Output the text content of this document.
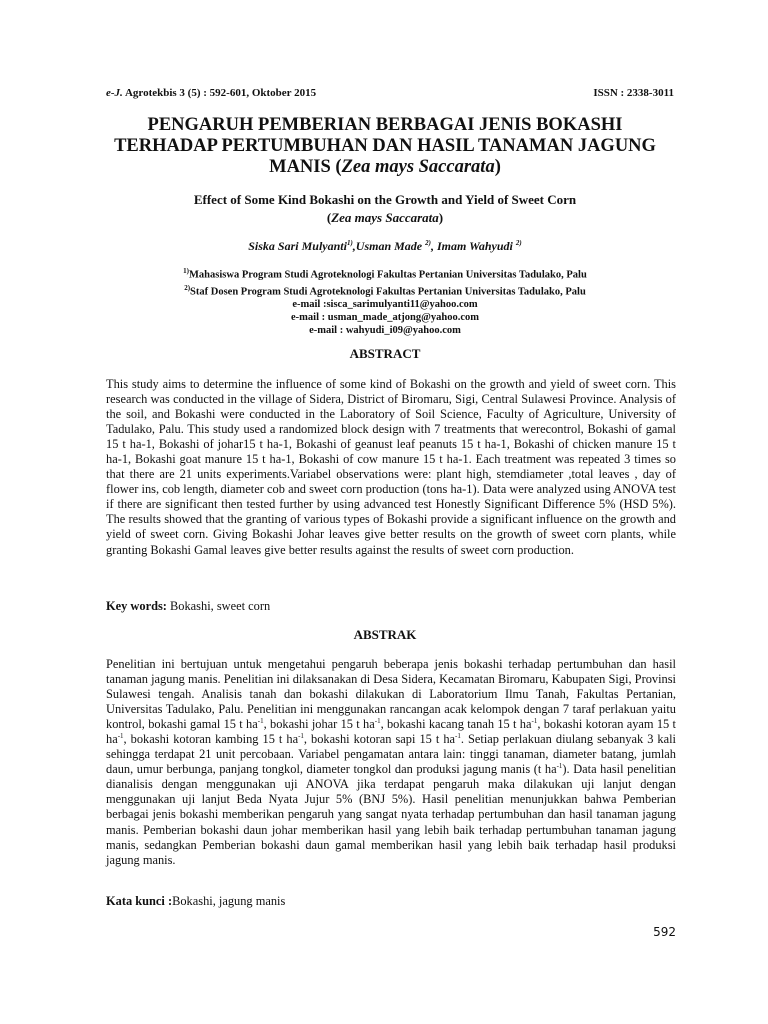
e-J. Agrotekbis 3 (5) : 592-601, Oktober 2015	ISSN : 2338-3011
PENGARUH PEMBERIAN BERBAGAI JENIS BOKASHI
TERHADAP PERTUMBUHAN DAN HASIL TANAMAN JAGUNG
MANIS (Zea mays Saccarata)
Effect of Some Kind Bokashi on the Growth and Yield of Sweet Corn
(Zea mays Saccarata)
Siska Sari Mulyanti$^{1)}$,Usman Made $^{2)}$, Imam Wahyudi $^{2)}$
$^{1)}$Mahasiswa Program Studi Agroteknologi Fakultas Pertanian Universitas Tadulako, Palu
$^{2)}$Staf Dosen Program Studi Agroteknologi Fakultas Pertanian Universitas Tadulako, Palu
e-mail :sisca_sarimulyanti11@yahoo.com
e-mail : usman_made_atjong@yahoo.com
e-mail : wahyudi_i09@yahoo.com
ABSTRACT
This study aims to determine the influence of some kind of Bokashi on the growth and yield of sweet corn. This research was conducted in the village of Sidera, District of Biromaru, Sigi, Central Sulawesi Province. Analysis of the soil, and Bokashi were conducted in the Laboratory of Soil Science, Faculty of Agriculture, University of Tadulako, Palu. This study used a randomized block design with 7 treatments that werecontrol, Bokashi of gamal 15 t ha-1, Bokashi of johar15 t ha-1, Bokashi of geanust leaf peanuts 15 t ha-1, Bokashi of chicken manure 15 t ha-1, Bokashi goat manure 15 t ha-1, Bokashi of cow manure 15 t ha-1. Each treatment was repeated 3 times so that there are 21 units experiments.Variabel observations were: plant high, stemdiameter ,total leaves , day of flower ins, cob length, diameter cob and sweet corn production (tons ha-1). Data were analyzed using ANOVA test if there are significant then tested further by using advanced test Honestly Significant Difference 5% (HSD 5%). The results showed that the granting of various types of Bokashi provide a significant influence on the growth and yield of sweet corn. Giving Bokashi Johar leaves give better results on the growth of sweet corn plants, while granting Bokashi Gamal leaves give better results against the results of sweet corn production.
Key words: Bokashi, sweet corn
ABSTRAK
Penelitian ini bertujuan untuk mengetahui pengaruh beberapa jenis bokashi terhadap pertumbuhan dan hasil tanaman jagung manis. Penelitian ini dilaksanakan di Desa Sidera, Kecamatan Biromaru, Kabupaten Sigi, Provinsi Sulawesi tengah. Analisis tanah dan bokashi dilakukan di Laboratorium Ilmu Tanah, Fakultas Pertanian, Universitas Tadulako, Palu. Penelitian ini menggunakan rancangan acak kelompok dengan 7 taraf perlakuan yaitu kontrol, bokashi gamal 15 t $ha^{-1}$, bokashi johar 15 t $ha^{-1}$, bokashi kacang tanah 15 t $ha^{-1}$, bokashi kotoran ayam 15 t $ha^{-1}$, bokashi kotoran kambing 15 t $ha^{-1}$, bokashi kotoran sapi 15 t $ha^{-1}$. Setiap perlakuan diulang sebanyak 3 kali sehingga terdapat 21 unit percobaan. Variabel pengamatan antara lain: tinggi tanaman, diameter batang, jumlah daun, umur berbunga, panjang tongkol, diameter tongkol dan produksi jagung manis (t $ha^{-1}$). Data hasil penelitian dianalisis dengan menggunakan uji ANOVA jika terdapat pengaruh maka dilakukan uji lanjut dengan menggunakan uji lanjut Beda Nyata Jujur 5% (BNJ 5%). Hasil penelitian menunjukkan bahwa Pemberian berbagai jenis bokashi memberikan pengaruh yang sangat nyata terhadap pertumbuhan dan hasil tanaman jagung manis. Pemberian bokashi daun johar memberikan hasil yang lebih baik terhadap pertumbuhan tanaman jagung manis, sedangkan Pemberian bokashi daun gamal memberikan hasil yang lebih baik terhadap hasil produksi jagung manis.
Kata kunci :Bokashi, jagung manis
592
